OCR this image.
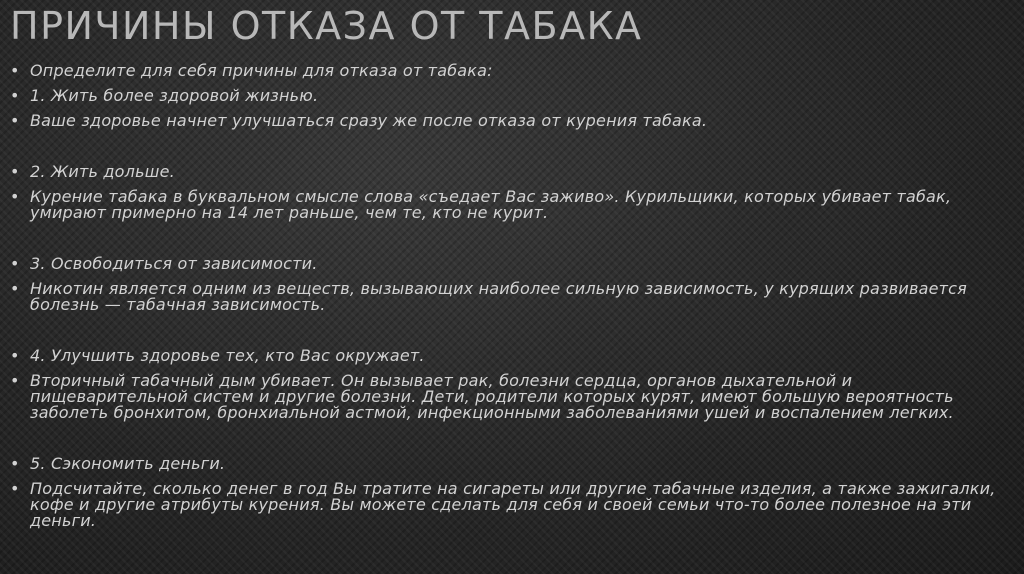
ПРИЧИНЫ ОТКАЗА ОТ ТАБАКА
• Определите для себя причины для отказа от табака:
• 1. Жить более здоровой жизнью.
• Ваше здоровье начнет улучшаться сразу же после отказа от курения табака.
• 2. Жить дольше.
• Курение табака в буквальном смысле слова «съедает Вас заживо». Курильщики, которых убивает табак, умирают примерно на 14 лет раньше, чем те, кто не курит.
• 3. Освободиться от зависимости.
• Никотин является одним из веществ, вызывающих наиболее сильную зависимость, у курящих развивается болезнь — табачная зависимость.
• 4. Улучшить здоровье тех, кто Вас окружает.
• Вторичный табачный дым убивает. Он вызывает рак, болезни сердца, органов дыхательной и пищеварительной систем и другие болезни. Дети, родители которых курят, имеют большую вероятность заболеть бронхитом, бронхиальной астмой, инфекционными заболеваниями ушей и воспалением легких.
• 5. Сэкономить деньги.
• Подсчитайте, сколько денег в год Вы тратите на сигареты или другие табачные изделия, а также зажигалки, кофе и другие атрибуты курения. Вы можете сделать для себя и своей семьи что-то более полезное на эти деньги.
